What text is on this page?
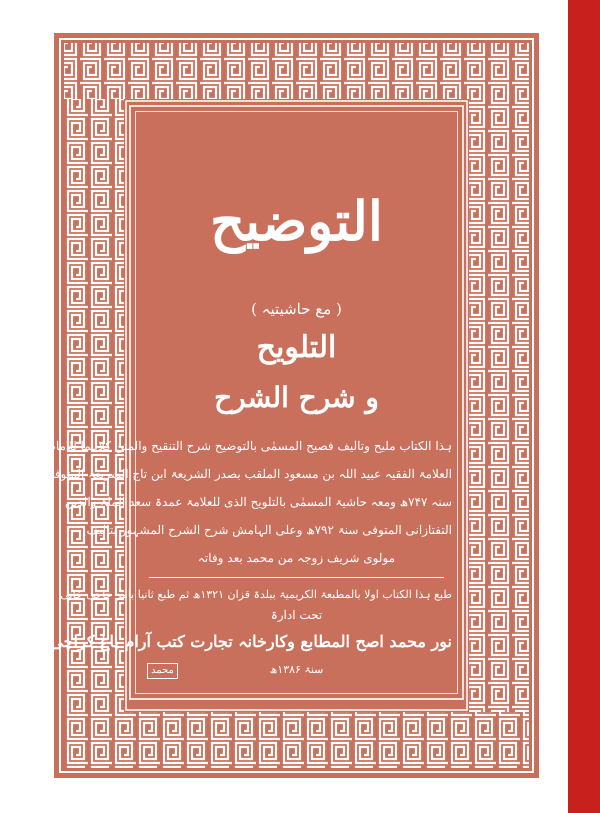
التوضیح
( مع حاشیتیہ )
التلویح
و شرح الشرح
ہذا الکتاب ملیح وتالیف فصیح المسمٰی بالتوضیح شرح التنقیح والمتن کلاہما للامام
العلامۃ الفقیہ عبید اللہ بن مسعود الملقب بصدر الشریعۃ ابن تاج الشریعۃ المتوفی
سنہ ۷۴۷ھ ومعہ حاشیۃ المسمٰی بالتلویح الذی للعلامۃ عمدۃ سعد الملۃ والدین
التفتازانی المتوفی سنۃ ۷۹۲ھ وعلی الہامش شرح الشرح المشہور بتالیف
مولوی شریف زوجہ من محمد بعد وفاتہ
طبع ہذا الکتاب اولا بالمطبعۃ الکریمیۃ ببلدۃ قزان ۱۳۲۱ھ ثم طبع ثانیا بامر حاجی خانی
تحت ادارۃ
نور محمد اصح المطابع وکارخانہ تجارت کتب آرام باغ کراچی
سنۃ ۱۳۸۶ھ
محمد
